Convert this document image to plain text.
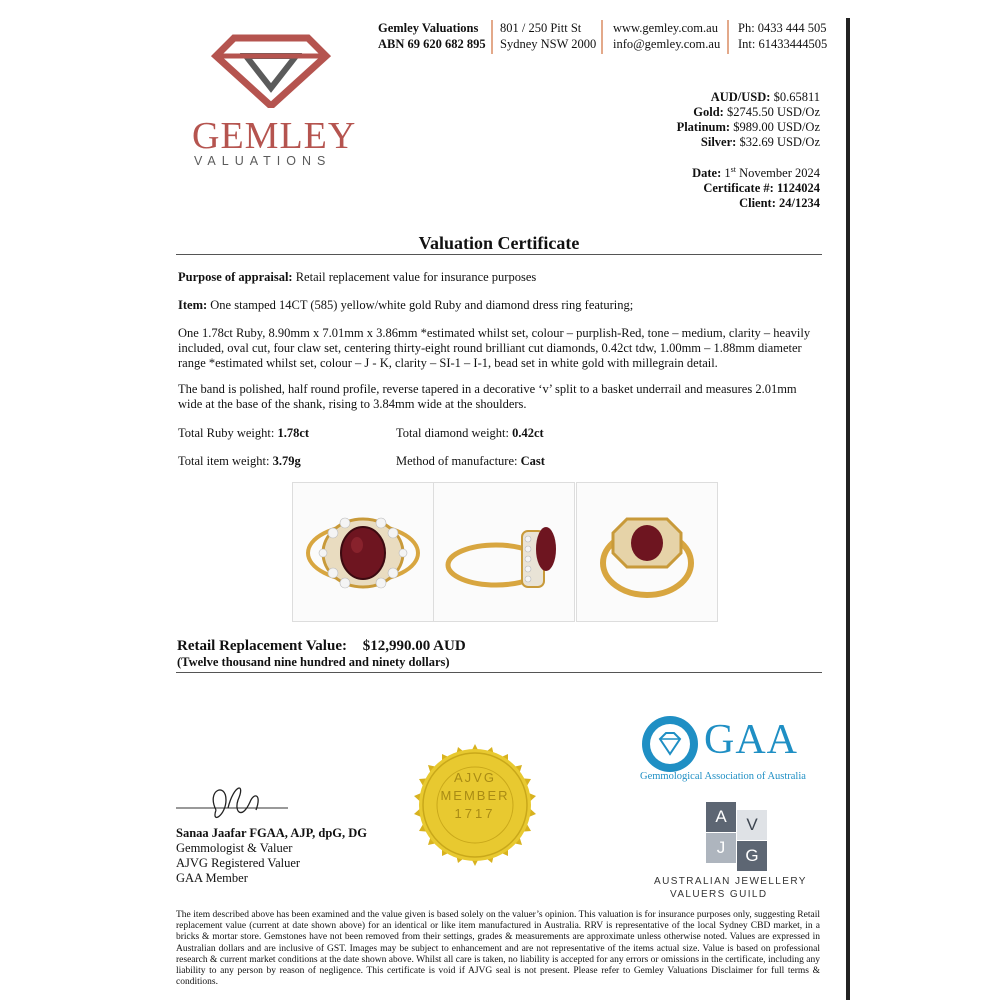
GEMLEY
VALUATIONS
Gemley Valuations
ABN 69 620 682 895
801 / 250 Pitt St
Sydney NSW 2000
www.gemley.com.au
info@gemley.com.au
Ph: 0433 444 505
Int: 61433444505
AUD/USD: $0.65811
Gold: $2745.50 USD/Oz
Platinum: $989.00 USD/Oz
Silver: $32.69 USD/Oz
Date: 1st November 2024
Certificate #: 1124024
Client: 24/1234
Valuation Certificate
Purpose of appraisal: Retail replacement value for insurance purposes
Item: One stamped 14CT (585) yellow/white gold Ruby and diamond dress ring featuring;
One 1.78ct Ruby, 8.90mm x 7.01mm x 3.86mm *estimated whilst set, colour – purplish-Red, tone – medium, clarity – heavily included, oval cut, four claw set, centering thirty-eight round brilliant cut diamonds, 0.42ct tdw, 1.00mm – 1.88mm diameter range *estimated whilst set, colour – J - K, clarity – SI-1 – I-1, bead set in white gold with millegrain detail.
The band is polished, half round profile, reverse tapered in a decorative ‘v’ split to a basket underrail and measures 2.01mm wide at the base of the shank, rising to 3.84mm wide at the shoulders.
Total Ruby weight: 1.78ct	Total diamond weight: 0.42ct
Total item weight: 3.79g	Method of manufacture: Cast
Retail Replacement Value: $12,990.00 AUD
(Twelve thousand nine hundred and ninety dollars)
AJVG
MEMBER
1717
GAA
Gemmological Association of Australia
A	V
J	G
AUSTRALIAN JEWELLERY
VALUERS GUILD
Sanaa Jaafar FGAA, AJP, dpG, DG
Gemmologist & Valuer
AJVG Registered Valuer
GAA Member
The item described above has been examined and the value given is based solely on the valuer’s opinion. This valuation is for insurance purposes only, suggesting Retail replacement value (current at date shown above) for an identical or like item manufactured in Australia. RRV is representative of the local Sydney CBD market, in a bricks & mortar store. Gemstones have not been removed from their settings, grades & measurements are approximate unless otherwise noted. Values are expressed in Australian dollars and are inclusive of GST. Images may be subject to enhancement and are not representative of the items actual size. Value is based on professional research & current market conditions at the date shown above. Whilst all care is taken, no liability is accepted for any errors or omissions in the certificate, including any liability to any person by reason of negligence. This certificate is void if AJVG seal is not present. Please refer to Gemley Valuations Disclaimer for full terms & conditions.
